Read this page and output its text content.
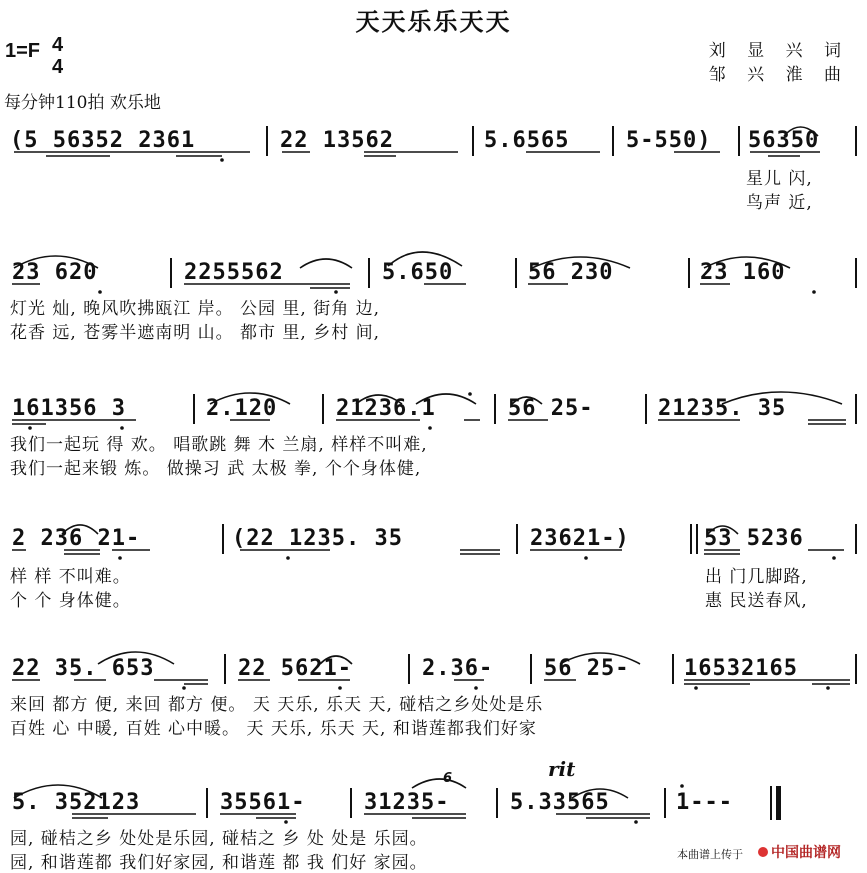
天天乐乐天天
1=F 4
4
每分钟110拍 欢乐地
刘 显 兴 词
邹 兴 淮 曲
(5 56352 2361	22 13562	5.6565	5-550) 56350
星儿 闪,
鸟声 近,
23 620	2255562	5.650	56 230	23 160
灯光 灿, 晚风吹拂瓯江 岸。 公园 里, 街角 边,
花香 远, 苍雾半遮南明 山。 都市 里, 乡村 间,
161356 3	2.120	21236.1	56 25-	21235. 35
我们一起玩 得 欢。 唱歌跳 舞 木 兰扇, 样样不叫难,
我们一起来锻 炼。 做操习 武 太极 拳, 个个身体健,
2 236 21-	(22 1235. 35	23621-)	53 5236
样 样 不叫难。	出 门几脚路,
个 个 身体健。	惠 民送春风,
22 35. 653	22 5621-	2.36- 56 25- 16532165
来回 都方 便, 来回 都方 便。 天 天乐, 乐天 天, 碰桔之乡处处是乐
百姓 心 中暖, 百姓 心中暖。 天 天乐, 乐天 天, 和谐莲都我们好家
rit
6
5. 352123	35561-	31235-	5.33565	1---
园, 碰桔之乡 处处是乐园, 碰桔之 乡 处 处是 乐园。
园, 和谐莲都 我们好家园, 和谐莲 都 我 们好 家园。	本曲谱上传于	中国曲谱网
